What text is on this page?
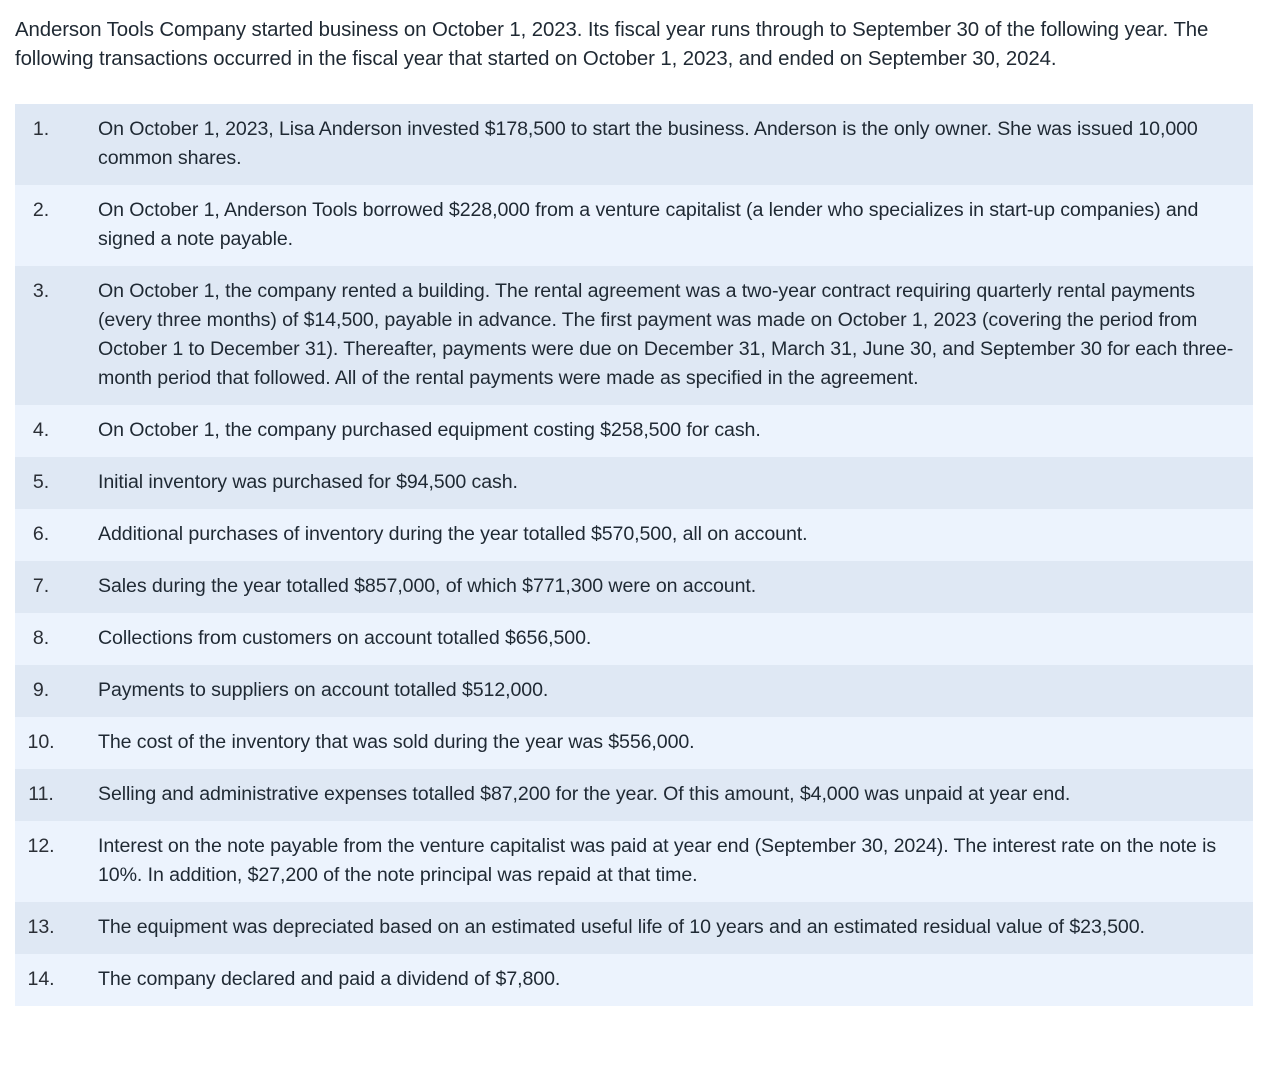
Anderson Tools Company started business on October 1, 2023. Its fiscal year runs through to September 30 of the following year. The following transactions occurred in the fiscal year that started on October 1, 2023, and ended on September 30, 2024.

1.	On October 1, 2023, Lisa Anderson invested $178,500 to start the business. Anderson is the only owner. She was issued 10,000 common shares.
2.	On October 1, Anderson Tools borrowed $228,000 from a venture capitalist (a lender who specializes in start-up companies) and signed a note payable.
3.	On October 1, the company rented a building. The rental agreement was a two-year contract requiring quarterly rental payments (every three months) of $14,500, payable in advance. The first payment was made on October 1, 2023 (covering the period from October 1 to December 31). Thereafter, payments were due on December 31, March 31, June 30, and September 30 for each three-month period that followed. All of the rental payments were made as specified in the agreement.
4.	On October 1, the company purchased equipment costing $258,500 for cash.
5.	Initial inventory was purchased for $94,500 cash.
6.	Additional purchases of inventory during the year totalled $570,500, all on account.
7.	Sales during the year totalled $857,000, of which $771,300 were on account.
8.	Collections from customers on account totalled $656,500.
9.	Payments to suppliers on account totalled $512,000.
10.	The cost of the inventory that was sold during the year was $556,000.
11.	Selling and administrative expenses totalled $87,200 for the year. Of this amount, $4,000 was unpaid at year end.
12.	Interest on the note payable from the venture capitalist was paid at year end (September 30, 2024). The interest rate on the note is 10%. In addition, $27,200 of the note principal was repaid at that time.
13.	The equipment was depreciated based on an estimated useful life of 10 years and an estimated residual value of $23,500.
14.	The company declared and paid a dividend of $7,800.
